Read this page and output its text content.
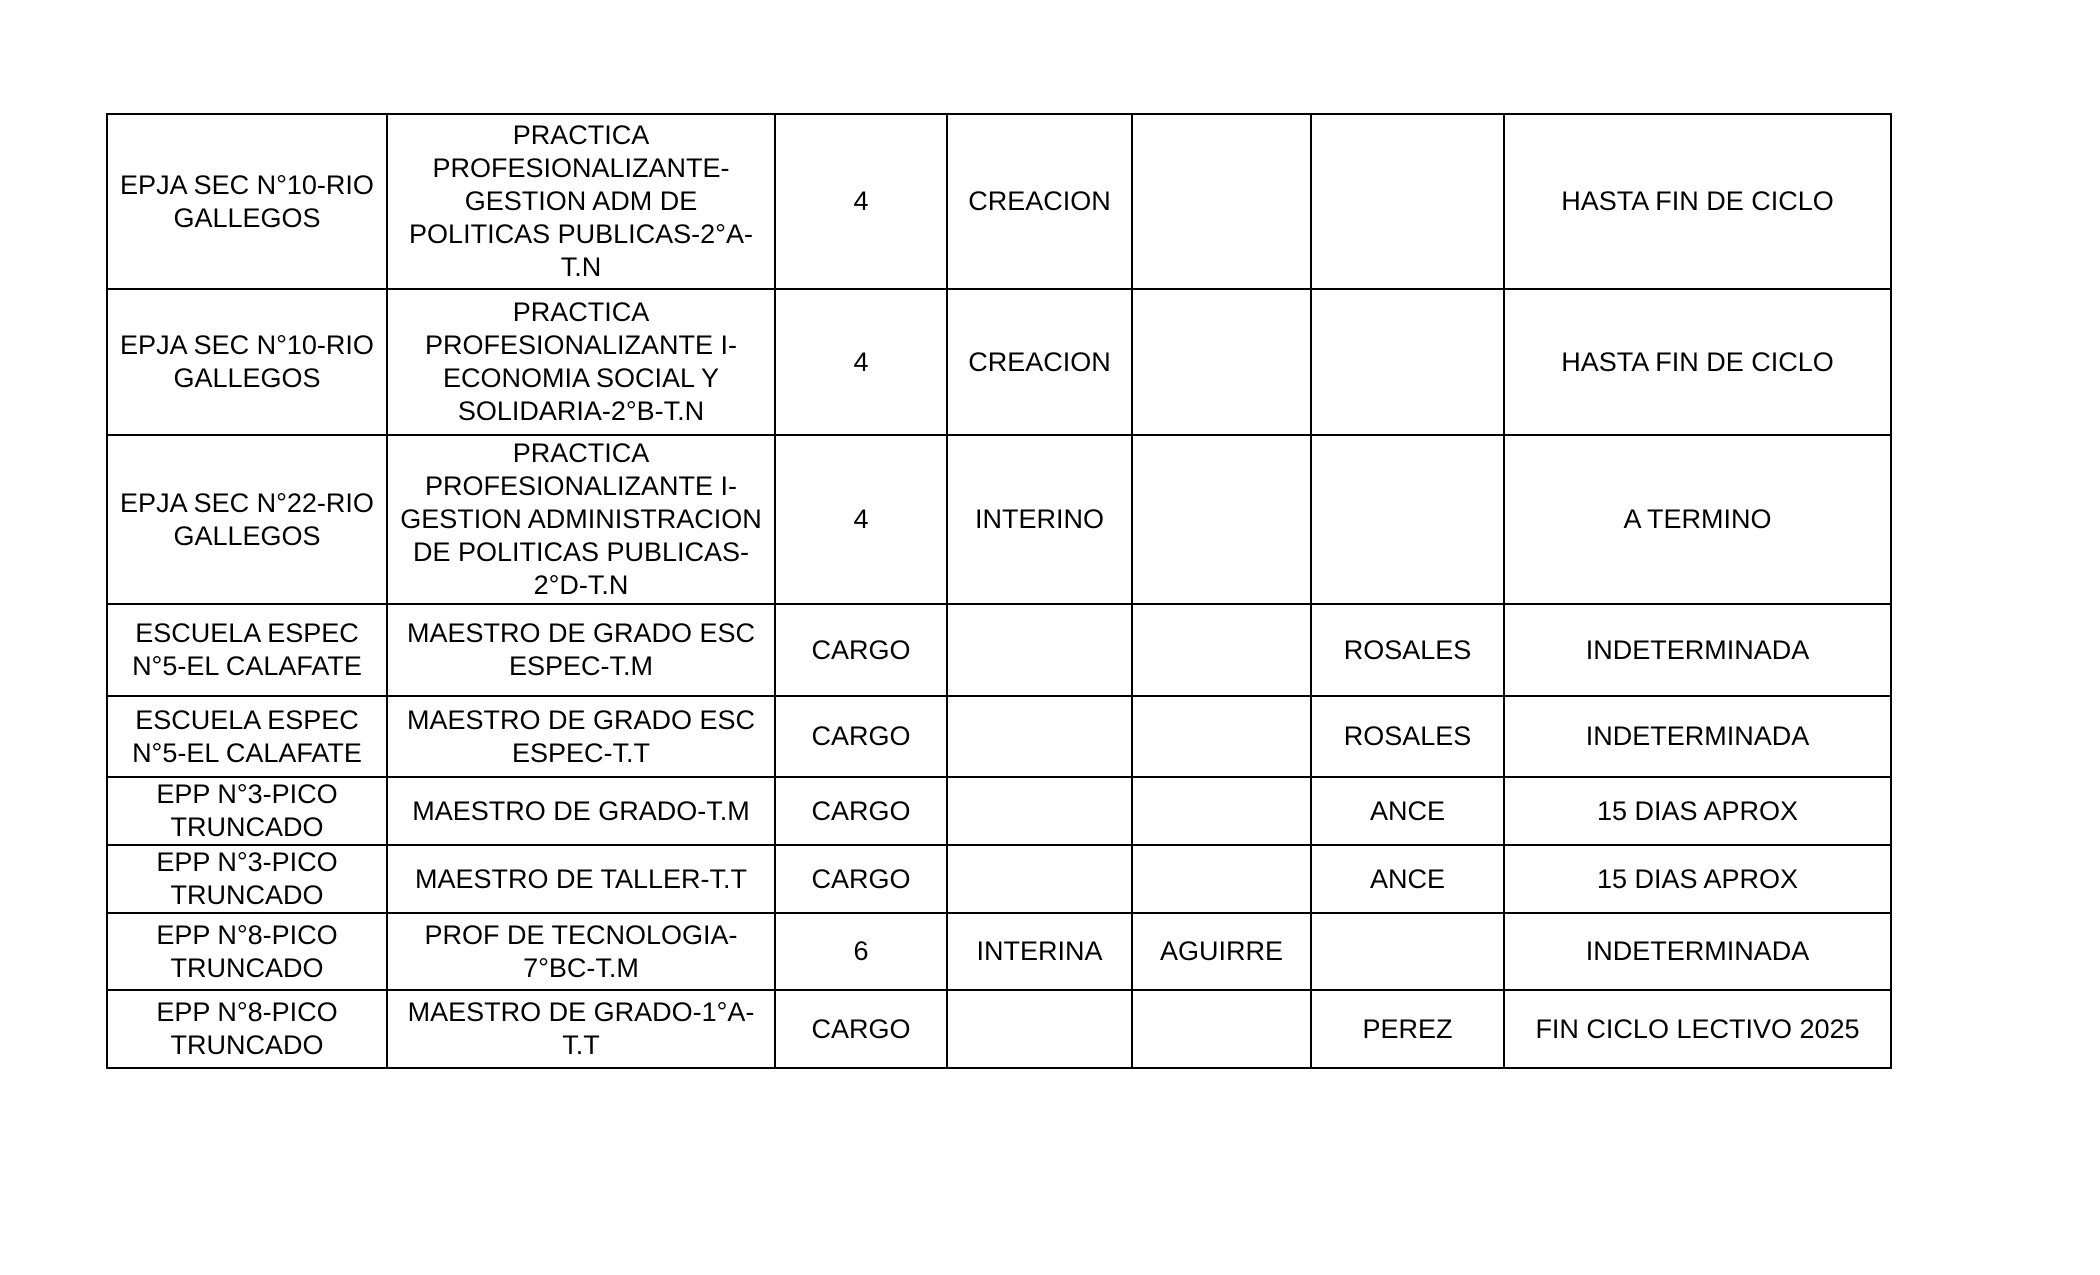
EPJA SEC N°10-RIO GALLEGOS	PRACTICA PROFESIONALIZANTE-GESTION ADM DE POLITICAS PUBLICAS-2°A-T.N	4	CREACION			HASTA FIN DE CICLO
EPJA SEC N°10-RIO GALLEGOS	PRACTICA PROFESIONALIZANTE I-ECONOMIA SOCIAL Y SOLIDARIA-2°B-T.N	4	CREACION			HASTA FIN DE CICLO
EPJA SEC N°22-RIO GALLEGOS	PRACTICA PROFESIONALIZANTE I-GESTION ADMINISTRACION DE POLITICAS PUBLICAS-2°D-T.N	4	INTERINO			A TERMINO
ESCUELA ESPEC N°5-EL CALAFATE	MAESTRO DE GRADO ESC ESPEC-T.M	CARGO			ROSALES	INDETERMINADA
ESCUELA ESPEC N°5-EL CALAFATE	MAESTRO DE GRADO ESC ESPEC-T.T	CARGO			ROSALES	INDETERMINADA
EPP N°3-PICO TRUNCADO	MAESTRO DE GRADO-T.M	CARGO			ANCE	15 DIAS APROX
EPP N°3-PICO TRUNCADO	MAESTRO DE TALLER-T.T	CARGO			ANCE	15 DIAS APROX
EPP N°8-PICO TRUNCADO	PROF DE TECNOLOGIA-7°BC-T.M	6	INTERINA	AGUIRRE		INDETERMINADA
EPP N°8-PICO TRUNCADO	MAESTRO DE GRADO-1°A-T.T	CARGO			PEREZ	FIN CICLO LECTIVO 2025
